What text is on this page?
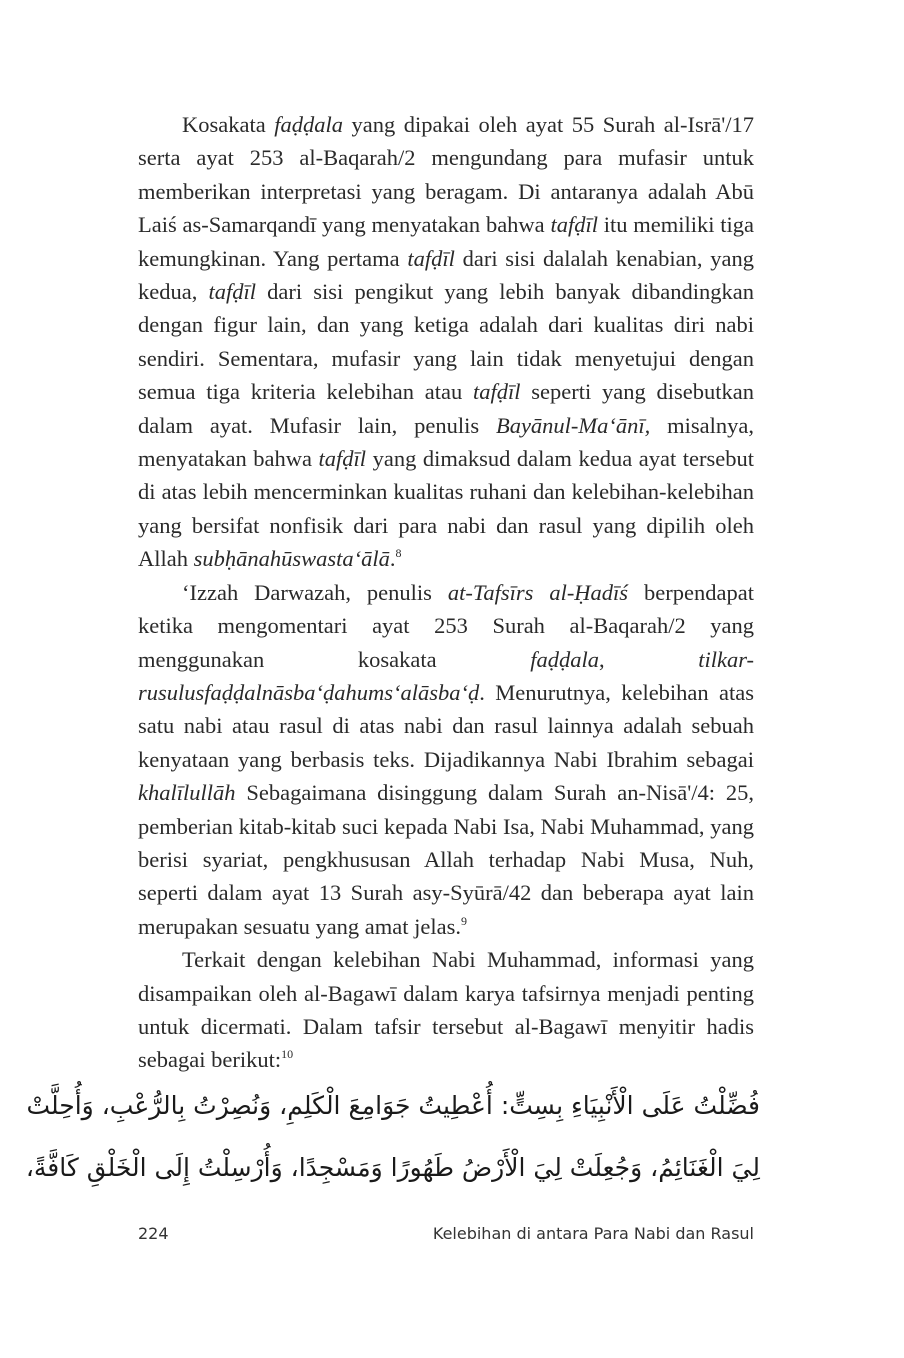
Kosakata faḍḍala yang dipakai oleh ayat 55 Surah al-Isrā'/17 serta ayat 253 al-Baqarah/2 mengundang para mufasir untuk memberikan interpretasi yang beragam. Di antaranya adalah Abū Laiś as-Samarqandī yang menyatakan bahwa tafḍīl itu memiliki tiga kemungkinan. Yang pertama tafḍīl dari sisi dalalah kenabian, yang kedua, tafḍīl dari sisi pengikut yang lebih banyak dibandingkan dengan figur lain, dan yang ketiga adalah dari kualitas diri nabi sendiri. Sementara, mufasir yang lain tidak menyetujui dengan semua tiga kriteria kelebihan atau tafḍīl seperti yang disebutkan dalam ayat. Mufasir lain, penulis Bayānul-Ma‘ānī, misalnya, menyatakan bahwa tafḍīl yang dimaksud dalam kedua ayat tersebut di atas lebih mencerminkan kualitas ruhani dan kelebihan-kelebihan yang bersifat nonfisik dari para nabi dan rasul yang dipilih oleh Allah subḥānahūswasta‘ālā.$^8$

‘Izzah Darwazah, penulis at-Tafsīrs al-Ḥadīś berpendapat ketika mengomentari ayat 253 Surah al-Baqarah/2 yang menggunakan kosakata faḍḍala, tilkar-rusulusfaḍḍalnāsba‘ḍahums‘alāsba‘ḍ. Menurutnya, kelebihan atas satu nabi atau rasul di atas nabi dan rasul lainnya adalah sebuah kenyataan yang berbasis teks. Dijadikannya Nabi Ibrahim sebagai khalīlullāh Sebagaimana disinggung dalam Surah an-Nisā'/4: 25, pemberian kitab-kitab suci kepada Nabi Isa, Nabi Muhammad, yang berisi syariat, pengkhususan Allah terhadap Nabi Musa, Nuh, seperti dalam ayat 13 Surah asy-Syūrā/42 dan beberapa ayat lain merupakan sesuatu yang amat jelas.$^9$

Terkait dengan kelebihan Nabi Muhammad, informasi yang disampaikan oleh al-Bagawī dalam karya tafsirnya menjadi penting untuk dicermati. Dalam tafsir tersebut al-Bagawī menyitir hadis sebagai berikut:$^{10}$

فُضِّلْتُ عَلَى الْأَنْبِيَاءِ بِسِتٍّ: أُعْطِيتُ جَوَامِعَ الْكَلِمِ، وَنُصِرْتُ بِالرُّعْبِ، وَأُحِلَّتْ
لِيَ الْغَنَائِمُ، وَجُعِلَتْ لِيَ الْأَرْضُ طَهُورًا وَمَسْجِدًا، وَأُرْسِلْتُ إِلَى الْخَلْقِ كَافَّةً،
224	Kelebihan di antara Para Nabi dan Rasul
